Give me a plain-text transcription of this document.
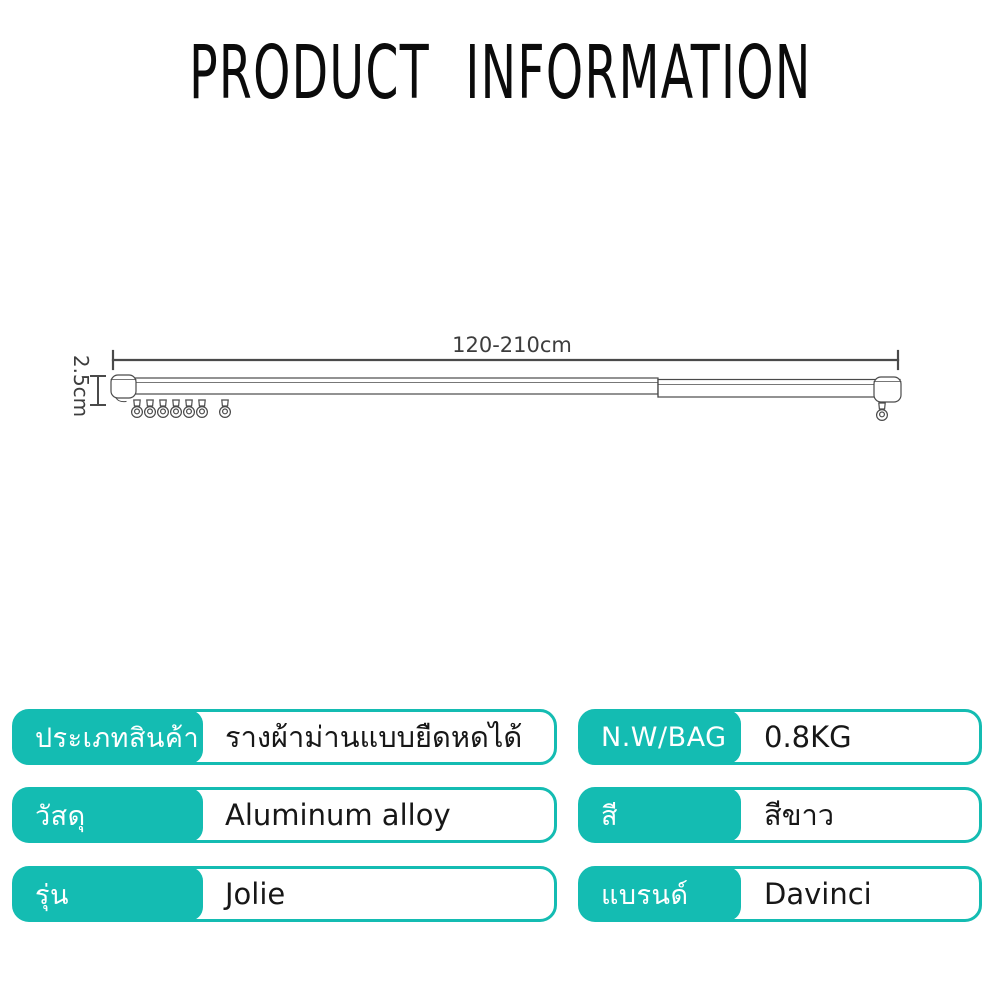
PRODUCT INFORMATION
120-210cm
2.5cm
ประเภทสินค้า รางผ้าม่านแบบยืดหดได้
วัสดุ	Aluminum alloy
รุ่น	Jolie
N.W/BAG	0.8KG
สี	สีขาว
แบรนด์	Davinci
